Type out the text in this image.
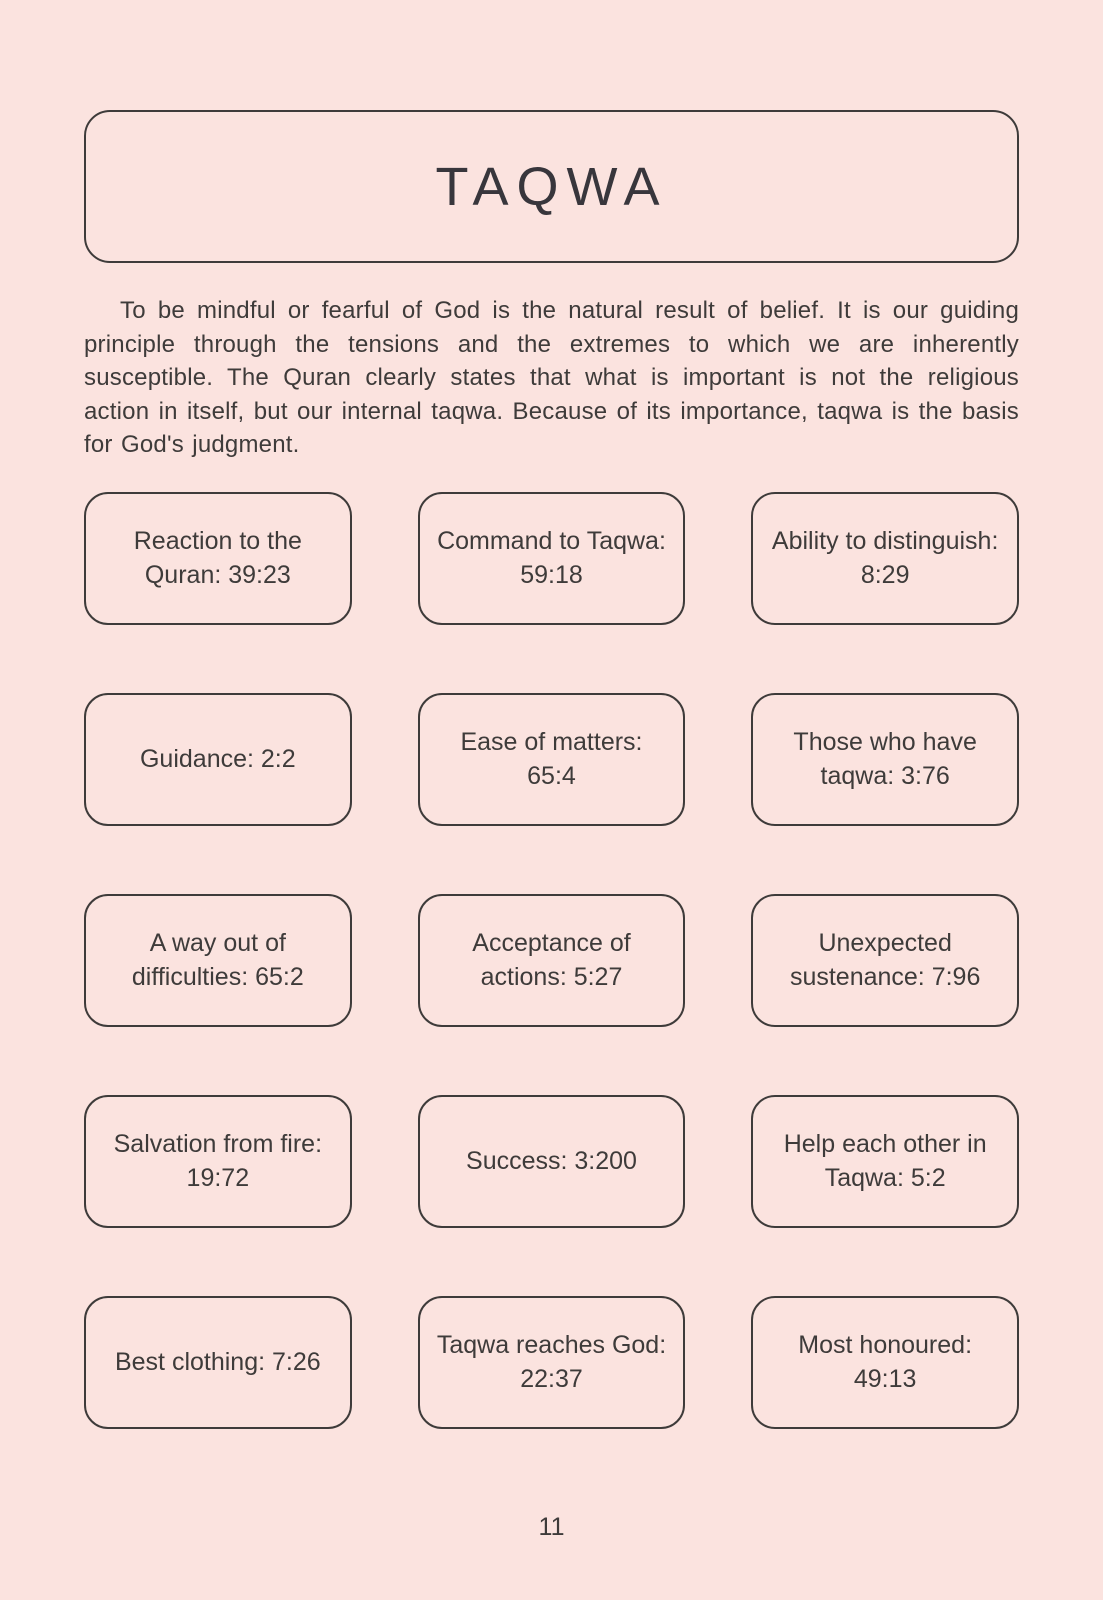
TAQWA

To be mindful or fearful of God is the natural result of belief. It is our guiding principle through the tensions and the extremes to which we are inherently susceptible. The Quran clearly states that what is important is not the religious action in itself, but our internal taqwa. Because of its importance, taqwa is the basis for God's judgment.

Reaction to the Quran: 39:23
Command to Taqwa: 59:18
Ability to distinguish: 8:29
Guidance: 2:2
Ease of matters: 65:4
Those who have taqwa: 3:76
A way out of difficulties: 65:2
Acceptance of actions: 5:27
Unexpected sustenance: 7:96
Salvation from fire: 19:72
Success: 3:200
Help each other in Taqwa: 5:2
Best clothing: 7:26
Taqwa reaches God: 22:37
Most honoured: 49:13
11
